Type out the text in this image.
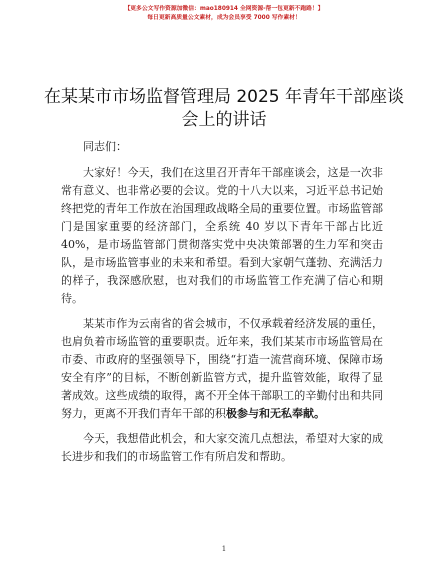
【更多公文写作资源加微信：mao180914 全网资源-帮一包更新不跑路！】
每日更新高质量公文素材，成为会员享受 7000 写作素材！
在某某市市场监督管理局 2025 年青年干部座谈会上的讲话

同志们：

大家好！今天，我们在这里召开青年干部座谈会，这是一次非常有意义、也非常必要的会议。党的十八大以来，习近平总书记始终把党的青年工作放在治国理政战略全局的重要位置。市场监管部门是国家重要的经济部门，全系统 40 岁以下青年干部占比近 40%，是市场监管部门贯彻落实党中央决策部署的生力军和突击队，是市场监管事业的未来和希望。看到大家朝气蓬勃、充满活力的样子，我深感欣慰，也对我们的市场监管工作充满了信心和期待。

某某市作为云南省的省会城市，不仅承载着经济发展的重任，也肩负着市场监管的重要职责。近年来，我们某某市市场监管局在市委、市政府的坚强领导下，围绕“打造一流营商环境、保障市场安全有序”的目标，不断创新监管方式，提升监管效能，取得了显著成效。这些成绩的取得，离不开全体干部职工的辛勤付出和共同努力，更离不开我们青年干部的积极参与和无私奉献。

今天，我想借此机会，和大家交流几点想法，希望对大家的成长进步和我们的市场监管工作有所启发和帮助。

1
